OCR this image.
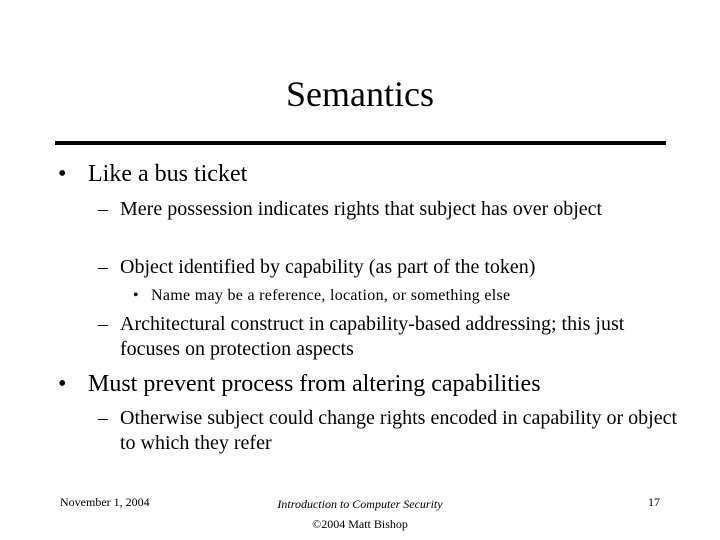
Semantics
• Like a bus ticket
– Mere possession indicates rights that subject has over object
– Object identified by capability (as part of the token)
• Name may be a reference, location, or something else
– Architectural construct in capability-based addressing; this just focuses on protection aspects
• Must prevent process from altering capabilities
– Otherwise subject could change rights encoded in capability or object to which they refer
November 1, 2004	Introduction to Computer Security
©2004 Matt Bishop
17
